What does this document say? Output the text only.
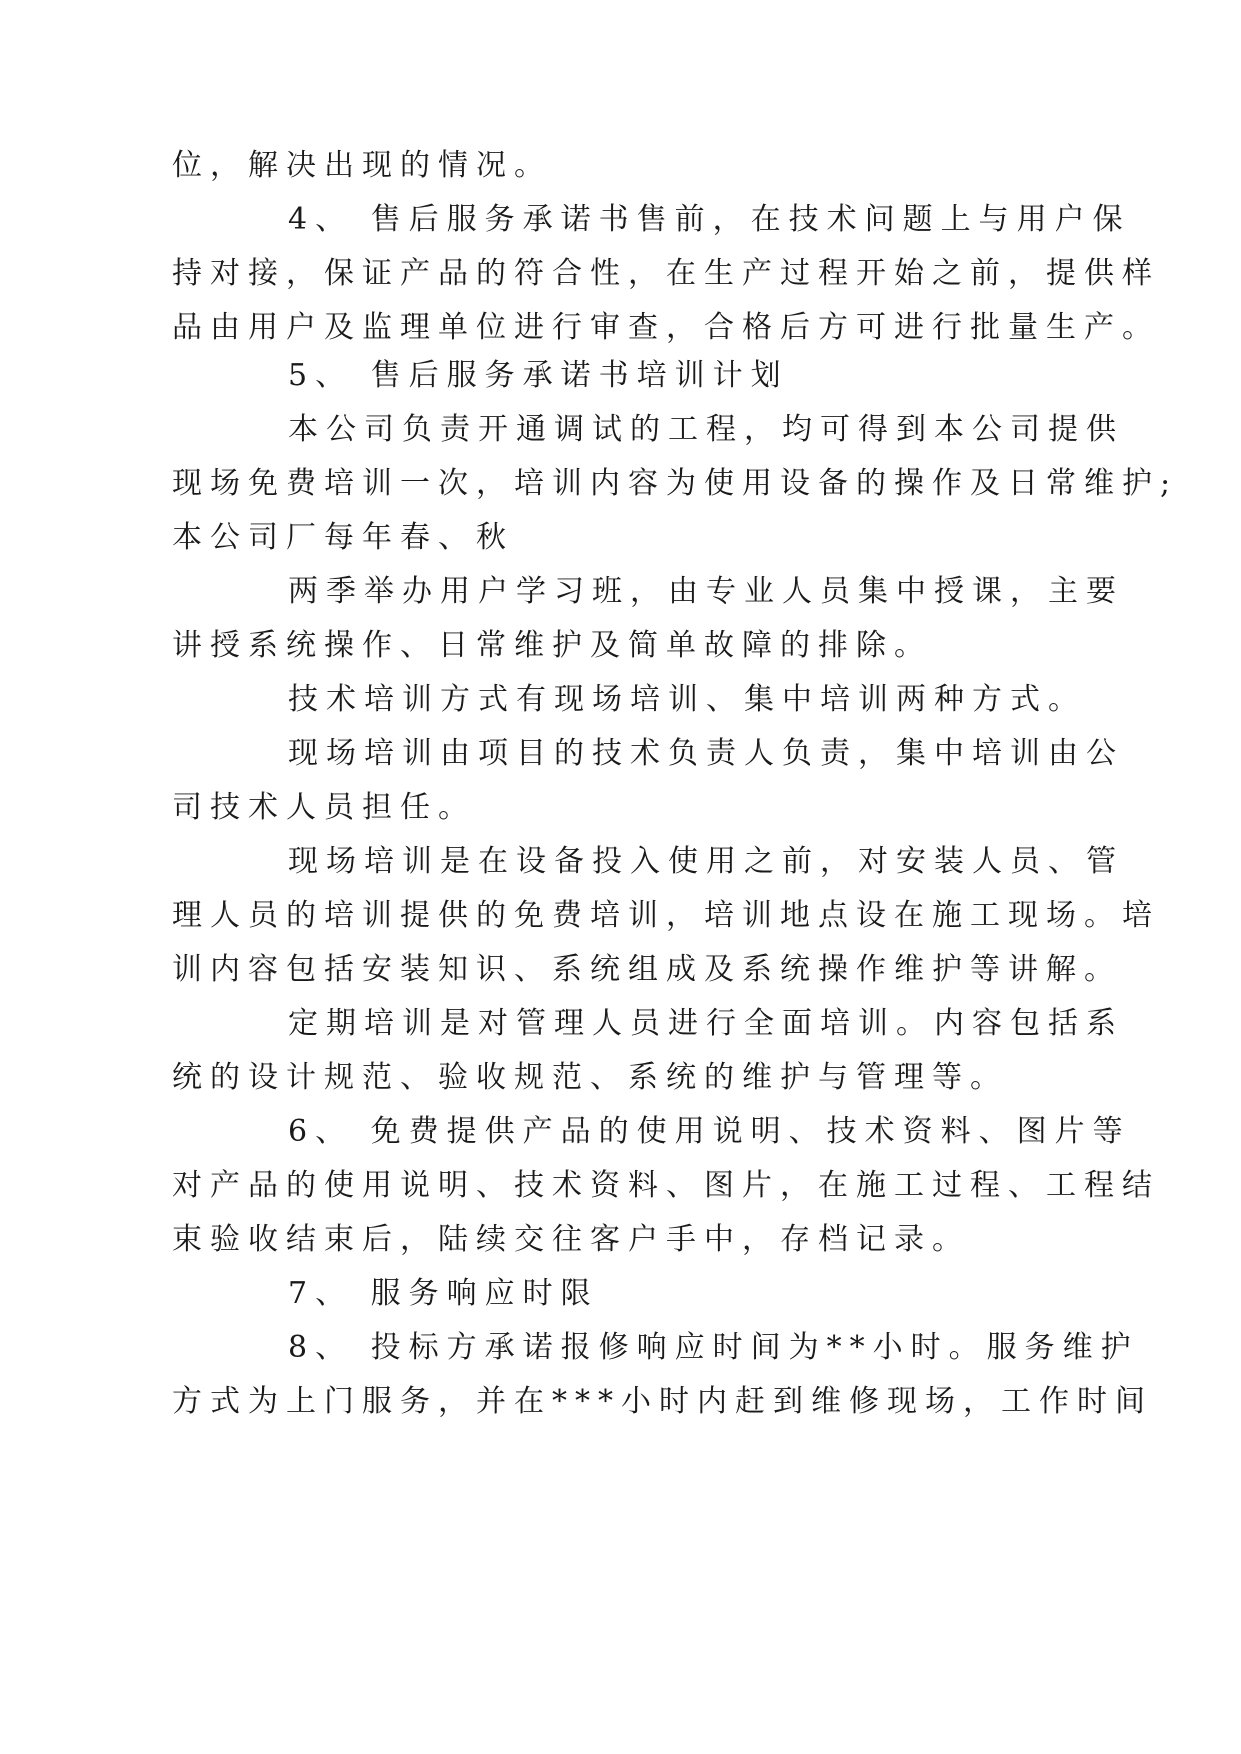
位，解决出现的情况。
4、 售后服务承诺书售前，在技术问题上与用户保
持对接，保证产品的符合性，在生产过程开始之前，提供样
品由用户及监理单位进行审查，合格后方可进行批量生产。
5、 售后服务承诺书培训计划
本公司负责开通调试的工程，均可得到本公司提供
现场免费培训一次，培训内容为使用设备的操作及日常维护;
本公司厂每年春、秋
两季举办用户学习班，由专业人员集中授课，主要
讲授系统操作、日常维护及简单故障的排除。
技术培训方式有现场培训、集中培训两种方式。
现场培训由项目的技术负责人负责，集中培训由公
司技术人员担任。
现场培训是在设备投入使用之前，对安装人员、管
理人员的培训提供的免费培训，培训地点设在施工现场。培
训内容包括安装知识、系统组成及系统操作维护等讲解。
定期培训是对管理人员进行全面培训。内容包括系
统的设计规范、验收规范、系统的维护与管理等。
6、 免费提供产品的使用说明、技术资料、图片等
对产品的使用说明、技术资料、图片，在施工过程、工程结
束验收结束后，陆续交往客户手中，存档记录。
7、 服务响应时限
8、 投标方承诺报修响应时间为**小时。服务维护
方式为上门服务，并在***小时内赶到维修现场，工作时间
